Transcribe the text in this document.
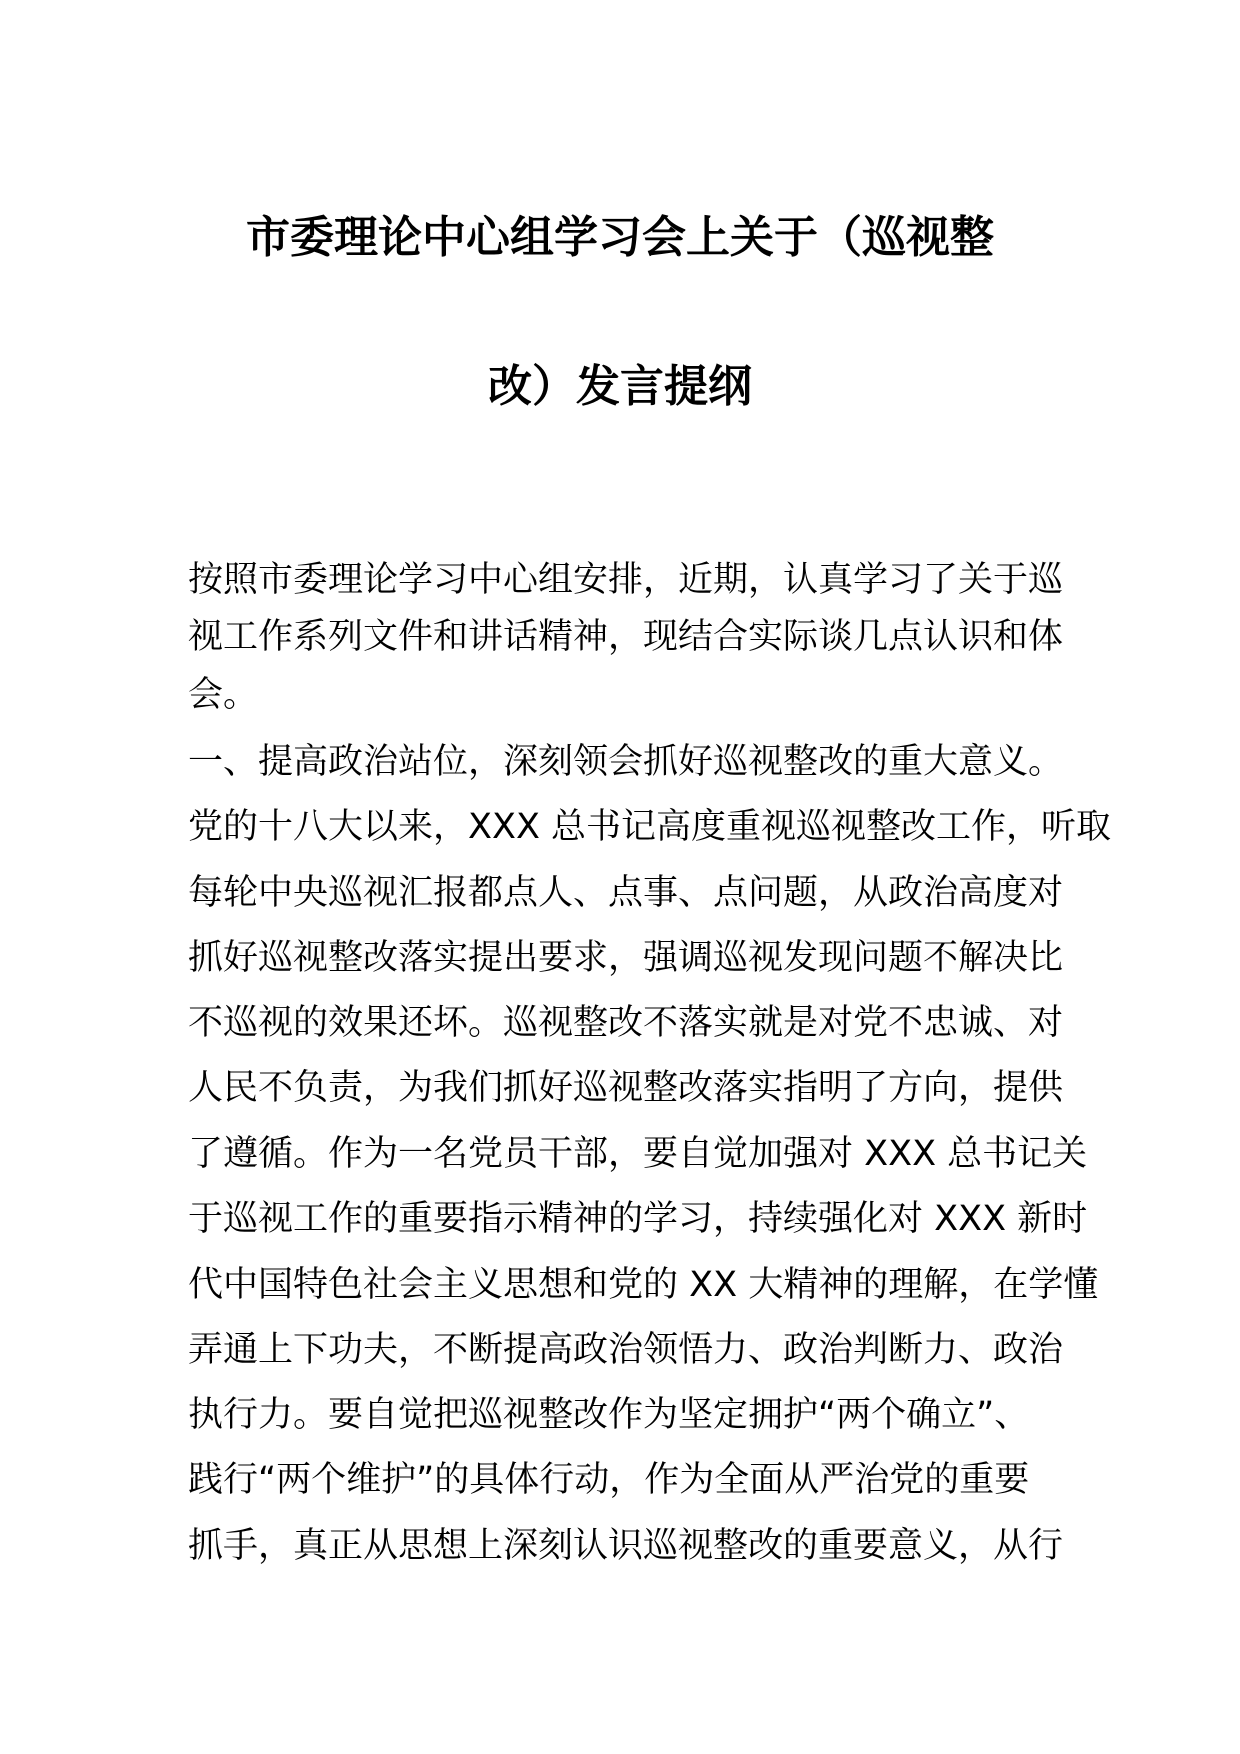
市委理论中心组学习会上关于（巡视整
改）发言提纲
按照市委理论学习中心组安排，近期，认真学习了关于巡
视工作系列文件和讲话精神，现结合实际谈几点认识和体
会。
一、提高政治站位，深刻领会抓好巡视整改的重大意义。
党的十八大以来，XXX 总书记高度重视巡视整改工作，听取
每轮中央巡视汇报都点人、点事、点问题，从政治高度对
抓好巡视整改落实提出要求，强调巡视发现问题不解决比
不巡视的效果还坏。巡视整改不落实就是对党不忠诚、对
人民不负责，为我们抓好巡视整改落实指明了方向，提供
了遵循。作为一名党员干部，要自觉加强对 XXX 总书记关
于巡视工作的重要指示精神的学习，持续强化对 XXX 新时
代中国特色社会主义思想和党的 XX 大精神的理解，在学懂
弄通上下功夫，不断提高政治领悟力、政治判断力、政治
执行力。要自觉把巡视整改作为坚定拥护“两个确立”、
践行“两个维护”的具体行动，作为全面从严治党的重要
抓手，真正从思想上深刻认识巡视整改的重要意义，从行
